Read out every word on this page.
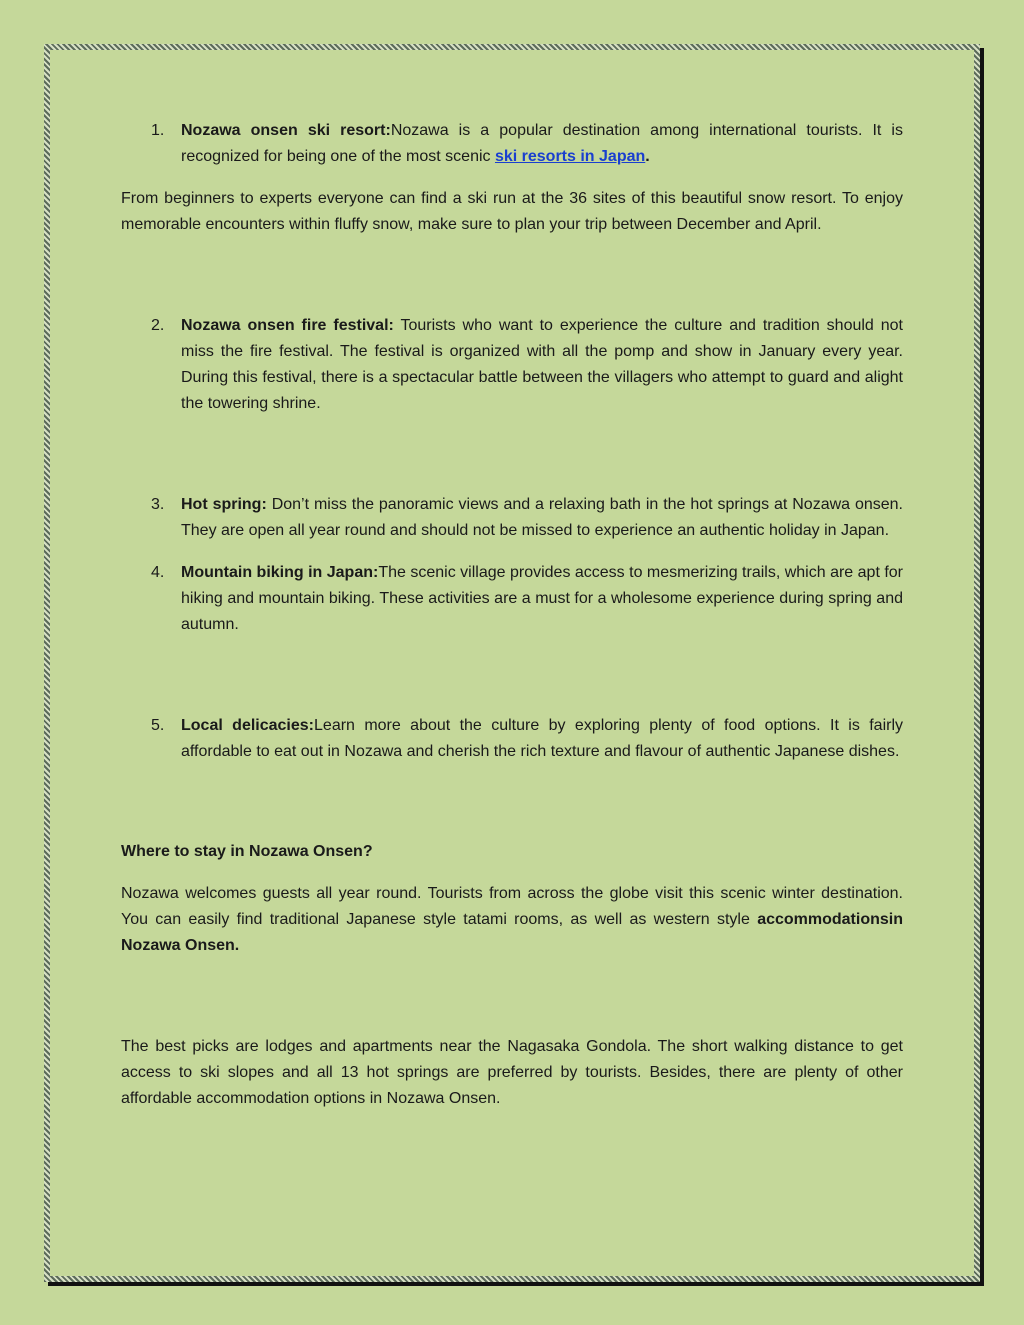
1.	Nozawa onsen ski resort:Nozawa is a popular destination among international tourists. It is recognized for being one of the most scenic ski resorts in Japan.

From beginners to experts everyone can find a ski run at the 36 sites of this beautiful snow resort. To enjoy memorable encounters within fluffy snow, make sure to plan your trip between December and April.

2.	Nozawa onsen fire festival: Tourists who want to experience the culture and tradition should not miss the fire festival. The festival is organized with all the pomp and show in January every year. During this festival, there is a spectacular battle between the villagers who attempt to guard and alight the towering shrine.
3.	Hot spring: Don’t miss the panoramic views and a relaxing bath in the hot springs at Nozawa onsen. They are open all year round and should not be missed to experience an authentic holiday in Japan.
4.	Mountain biking in Japan:The scenic village provides access to mesmerizing trails, which are apt for hiking and mountain biking. These activities are a must for a wholesome experience during spring and autumn.
5.	Local delicacies:Learn more about the culture by exploring plenty of food options. It is fairly affordable to eat out in Nozawa and cherish the rich texture and flavour of authentic Japanese dishes.

Where to stay in Nozawa Onsen?

Nozawa welcomes guests all year round. Tourists from across the globe visit this scenic winter destination. You can easily find traditional Japanese style tatami rooms, as well as western style accommodationsin Nozawa Onsen.

The best picks are lodges and apartments near the Nagasaka Gondola. The short walking distance to get access to ski slopes and all 13 hot springs are preferred by tourists. Besides, there are plenty of other affordable accommodation options in Nozawa Onsen.
